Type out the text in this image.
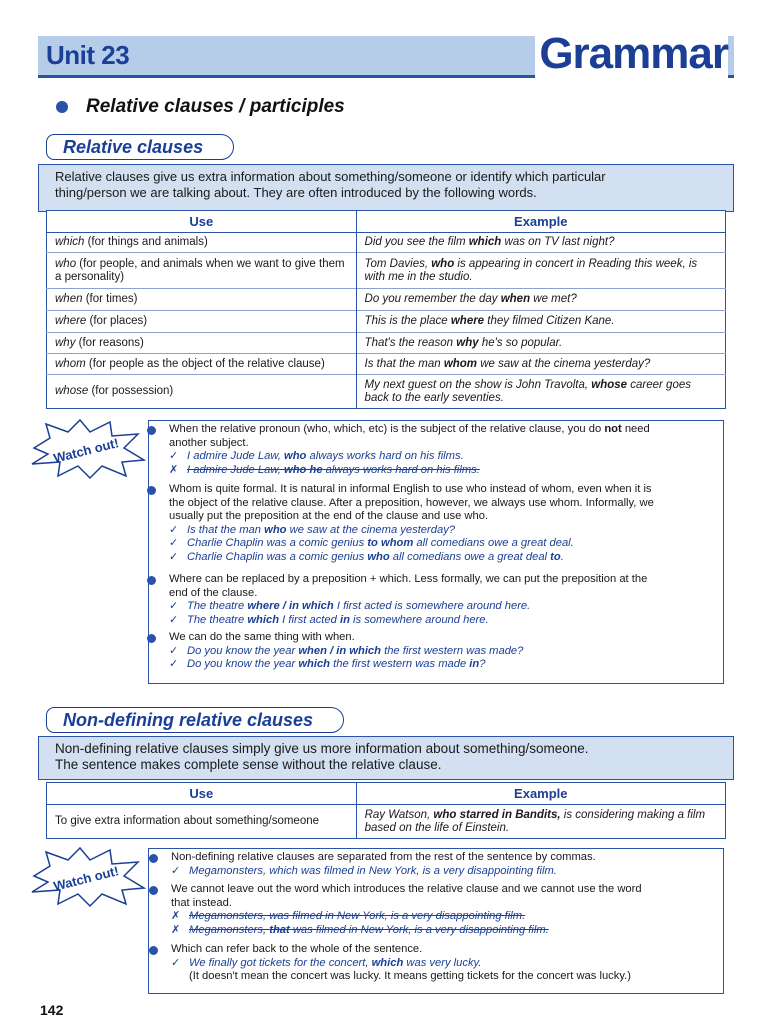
Unit 23	Grammar
Relative clauses / participles
Relative clauses
Relative clauses give us extra information about something/someone or identify which particular
thing/person we are talking about. They are often introduced by the following words.
Use	Example
which (for things and animals)	Did you see the film which was on TV last night?
who (for people, and animals when we want to give them a personality)	Tom Davies, who is appearing in concert in Reading this week, is with me in the studio.
when (for times)	Do you remember the day when we met?
where (for places)	This is the place where they filmed Citizen Kane.
why (for reasons)	That's the reason why he's so popular.
whom (for people as the object of the relative clause)	Is that the man whom we saw at the cinema yesterday?
whose (for possession)	My next guest on the show is John Travolta, whose career goes back to the early seventies.
Watch out!
When the relative pronoun (who, which, etc) is the subject of the relative clause, you do not need
another subject.
✓ I admire Jude Law, who always works hard on his films.
✗ I admire Jude Law, who he always works hard on his films.
Whom is quite formal. It is natural in informal English to use who instead of whom, even when it is
the object of the relative clause. After a preposition, however, we always use whom. Informally, we
usually put the preposition at the end of the clause and use who.
✓ Is that the man who we saw at the cinema yesterday?
✓ Charlie Chaplin was a comic genius to whom all comedians owe a great deal.
✓ Charlie Chaplin was a comic genius who all comedians owe a great deal to.
Where can be replaced by a preposition + which. Less formally, we can put the preposition at the
end of the clause.
✓ The theatre where / in which I first acted is somewhere around here.
✓ The theatre which I first acted in is somewhere around here.
We can do the same thing with when.
✓ Do you know the year when / in which the first western was made?
✓ Do you know the year which the first western was made in?
Non-defining relative clauses
Non-defining relative clauses simply give us more information about something/someone.
The sentence makes complete sense without the relative clause.
Use	Example
To give extra information about something/someone	Ray Watson, who starred in Bandits, is considering making a film
based on the life of Einstein.
Watch out!
Non-defining relative clauses are separated from the rest of the sentence by commas.
✓ Megamonsters, which was filmed in New York, is a very disappointing film.
We cannot leave out the word which introduces the relative clause and we cannot use the word
that instead.
✗ Megamonsters, was filmed in New York, is a very disappointing film.
✗ Megamonsters, that was filmed in New York, is a very disappointing film.
Which can refer back to the whole of the sentence.
✓ We finally got tickets for the concert, which was very lucky.
(It doesn't mean the concert was lucky. It means getting tickets for the concert was lucky.)
142
